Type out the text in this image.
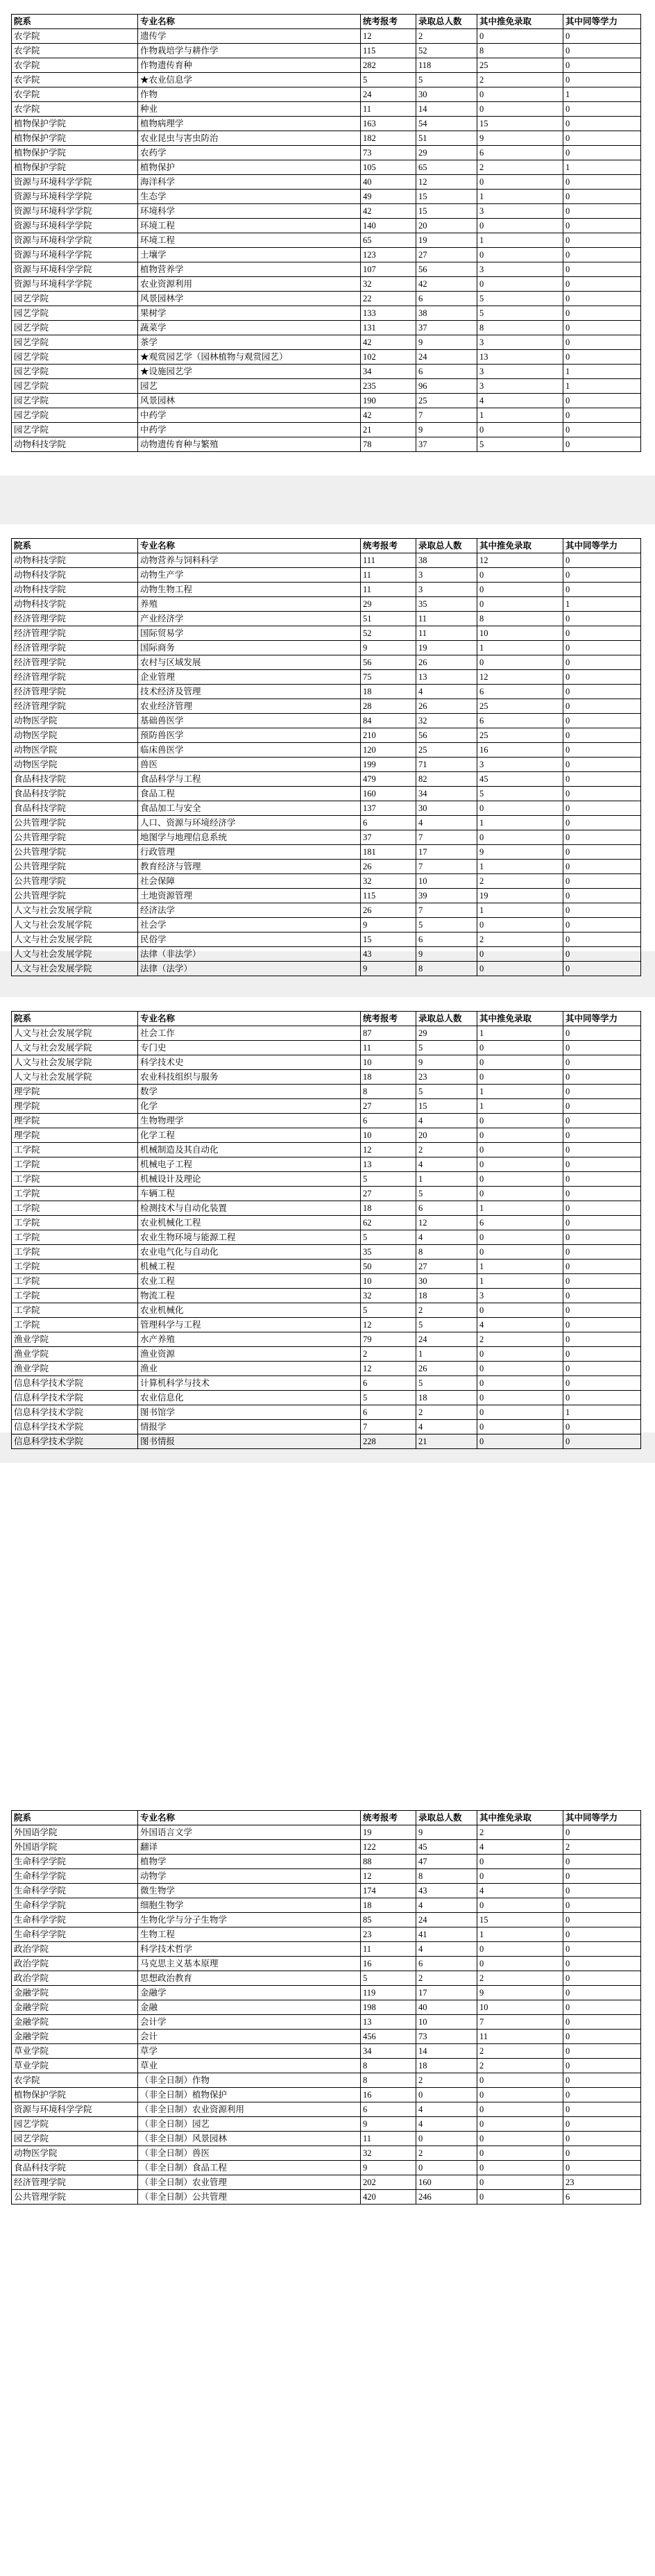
院系	专业名称	统考报考	录取总人数	其中推免录取	其中同等学力
农学院	遗传学	12	2	0	0
农学院	作物栽培学与耕作学	115	52	8	0
农学院	作物遗传育种	282	118	25	0
农学院	★农业信息学	5	5	2	0
农学院	作物	24	30	0	1
农学院	种业	11	14	0	0
植物保护学院	植物病理学	163	54	15	0
植物保护学院	农业昆虫与害虫防治	182	51	9	0
植物保护学院	农药学	73	29	6	0
植物保护学院	植物保护	105	65	2	1
资源与环境科学学院	海洋科学	40	12	0	0
资源与环境科学学院	生态学	49	15	1	0
资源与环境科学学院	环境科学	42	15	3	0
资源与环境科学学院	环境工程	140	20	0	0
资源与环境科学学院	环境工程	65	19	1	0
资源与环境科学学院	土壤学	123	27	0	0
资源与环境科学学院	植物营养学	107	56	3	0
资源与环境科学学院	农业资源利用	32	42	0	0
园艺学院	风景园林学	22	6	5	0
园艺学院	果树学	133	38	5	0
园艺学院	蔬菜学	131	37	8	0
园艺学院	茶学	42	9	3	0
园艺学院	★观赏园艺学（园林植物与观赏园艺）	102	24	13	0
园艺学院	★设施园艺学	34	6	3	1
园艺学院	园艺	235	96	3	1
园艺学院	风景园林	190	25	4	0
园艺学院	中药学	42	7	1	0
园艺学院	中药学	21	9	0	0
动物科技学院	动物遗传育种与繁殖	78	37	5	0
院系	专业名称	统考报考	录取总人数	其中推免录取	其中同等学力
动物科技学院	动物营养与饲料科学	111	38	12	0
动物科技学院	动物生产学	11	3	0	0
动物科技学院	动物生物工程	11	3	0	0
动物科技学院	养殖	29	35	0	1
经济管理学院	产业经济学	51	11	8	0
经济管理学院	国际贸易学	52	11	10	0
经济管理学院	国际商务	9	19	1	0
经济管理学院	农村与区域发展	56	26	0	0
经济管理学院	企业管理	75	13	12	0
经济管理学院	技术经济及管理	18	4	6	0
经济管理学院	农业经济管理	28	26	25	0
动物医学院	基础兽医学	84	32	6	0
动物医学院	预防兽医学	210	56	25	0
动物医学院	临床兽医学	120	25	16	0
动物医学院	兽医	199	71	3	0
食品科技学院	食品科学与工程	479	82	45	0
食品科技学院	食品工程	160	34	5	0
食品科技学院	食品加工与安全	137	30	0	0
公共管理学院	人口、资源与环境经济学	6	4	1	0
公共管理学院	地图学与地理信息系统	37	7	0	0
公共管理学院	行政管理	181	17	9	0
公共管理学院	教育经济与管理	26	7	1	0
公共管理学院	社会保障	32	10	2	0
公共管理学院	土地资源管理	115	39	19	0
人文与社会发展学院	经济法学	26	7	1	0
人文与社会发展学院	社会学	9	5	0	0
人文与社会发展学院	民俗学	15	6	2	0
人文与社会发展学院	法律（非法学）	43	9	0	0
人文与社会发展学院	法律（法学）	9	8	0	0
院系	专业名称	统考报考	录取总人数	其中推免录取	其中同等学力
人文与社会发展学院	社会工作	87	29	1	0
人文与社会发展学院	专门史	11	5	0	0
人文与社会发展学院	科学技术史	10	9	0	0
人文与社会发展学院	农业科技组织与服务	18	23	0	0
理学院	数学	8	5	1	0
理学院	化学	27	15	1	0
理学院	生物物理学	6	4	0	0
理学院	化学工程	10	20	0	0
工学院	机械制造及其自动化	12	2	0	0
工学院	机械电子工程	13	4	0	0
工学院	机械设计及理论	5	1	0	0
工学院	车辆工程	27	5	0	0
工学院	检测技术与自动化装置	18	6	1	0
工学院	农业机械化工程	62	12	6	0
工学院	农业生物环境与能源工程	5	4	0	0
工学院	农业电气化与自动化	35	8	0	0
工学院	机械工程	50	27	1	0
工学院	农业工程	10	30	1	0
工学院	物流工程	32	18	3	0
工学院	农业机械化	5	2	0	0
工学院	管理科学与工程	12	5	4	0
渔业学院	水产养殖	79	24	2	0
渔业学院	渔业资源	2	1	0	0
渔业学院	渔业	12	26	0	0
信息科学技术学院	计算机科学与技术	6	5	0	0
信息科学技术学院	农业信息化	5	18	0	0
信息科学技术学院	图书馆学	6	2	0	1
信息科学技术学院	情报学	7	4	0	0
信息科学技术学院	图书情报	228	21	0	0
院系	专业名称	统考报考	录取总人数	其中推免录取	其中同等学力
外国语学院	外国语言文学	19	9	2	0
外国语学院	翻译	122	45	4	2
生命科学学院	植物学	88	47	0	0
生命科学学院	动物学	12	8	0	0
生命科学学院	微生物学	174	43	4	0
生命科学学院	细胞生物学	18	4	0	0
生命科学学院	生物化学与分子生物学	85	24	15	0
生命科学学院	生物工程	23	41	1	0
政治学院	科学技术哲学	11	4	0	0
政治学院	马克思主义基本原理	16	6	0	0
政治学院	思想政治教育	5	2	2	0
金融学院	金融学	119	17	9	0
金融学院	金融	198	40	10	0
金融学院	会计学	13	10	7	0
金融学院	会计	456	73	11	0
草业学院	草学	34	14	2	0
草业学院	草业	8	18	2	0
农学院	（非全日制）作物	8	2	0	0
植物保护学院	（非全日制）植物保护	16	0	0	0
资源与环境科学学院	（非全日制）农业资源利用	6	4	0	0
园艺学院	（非全日制）园艺	9	4	0	0
园艺学院	（非全日制）风景园林	11	0	0	0
动物医学院	（非全日制）兽医	32	2	0	0
食品科技学院	（非全日制）食品工程	9	0	0	0
经济管理学院	（非全日制）农业管理	202	160	0	23
公共管理学院	（非全日制）公共管理	420	246	0	6
